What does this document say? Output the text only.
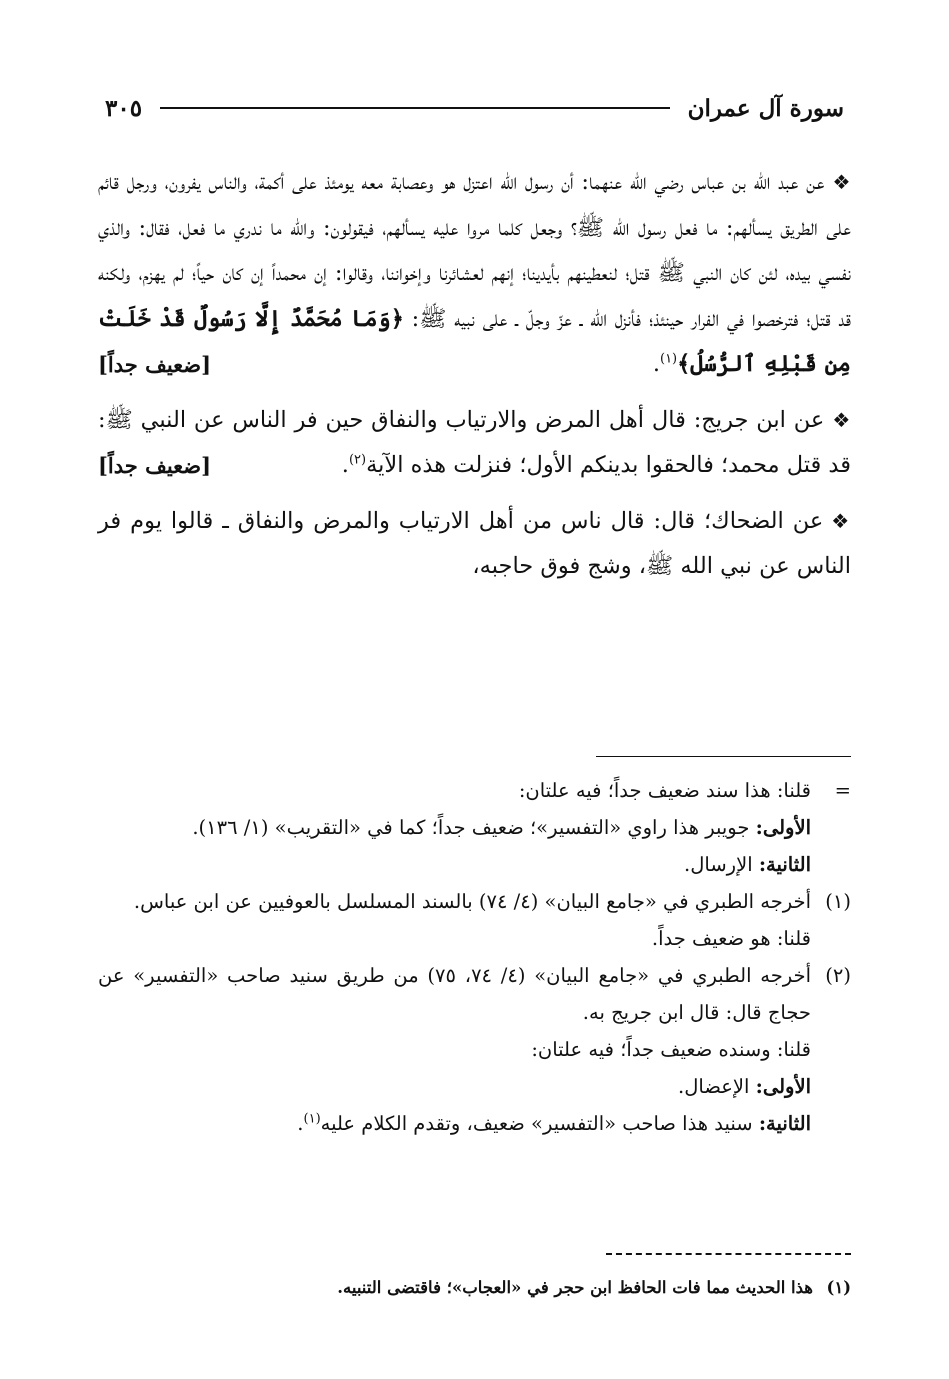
سورة آل عمران
٣٠٥

❖عن عبد الله بن عباس رضي الله عنهما: أن رسول الله اعتزل هو وعصابة معه يومئذ على أكمة، والناس يفرون، ورجل قائم على الطريق يسألهم: ما فعل رسول الله ﷺ؟ وجعل كلما مروا عليه يسألهم، فيقولون: والله ما ندري ما فعل، فقال: والذي نفسي بيده، لئن كان النبي ﷺ قتل؛ لنعطينهم بأيدينا؛ إنهم لعشائرنا وإخواننا، وقالوا: إن محمداً إن كان حياً؛ لم يهزم، ولكنه قد قتل؛ فترخصوا في الفرار حينئذ؛ فأنزل الله ـ عزّ وجلّ ـ على نبيه ﷺ: ﴿وَمَا مُحَمَّدٌ إِلَّا رَسُولٌ قَدْ خَلَتْ مِن قَبْلِهِ ٱلرُّسُلُ﴾$^{(١)}$.
[ضعيف جداً]

❖عن ابن جريج: قال أهل المرض والارتياب والنفاق حين فر الناس عن النبي ﷺ: قد قتل محمد؛ فالحقوا بدينكم الأول؛ فنزلت هذه الآية$^{(٢)}$.
[ضعيف جداً]

❖عن الضحاك؛ قال: قال ناس من أهل الارتياب والمرض والنفاق ـ قالوا يوم فر الناس عن نبي الله ﷺ، وشج فوق حاجبه،

=

قلنا: هذا سند ضعيف جداً؛ فيه علتان:

الأولى: جويبر هذا راوي «التفسير»؛ ضعيف جداً؛ كما في «التقريب» (١/ ١٣٦).

الثانية: الإرسال.

(١)

أخرجه الطبري في «جامع البيان» (٤/ ٧٤) بالسند المسلسل بالعوفيين عن ابن عباس.

قلنا: هو ضعيف جداً.

(٢)

أخرجه الطبري في «جامع البيان» (٤/ ٧٤، ٧٥) من طريق سنيد صاحب «التفسير» عن حجاج قال: قال ابن جريج به.

قلنا: وسنده ضعيف جداً؛ فيه علتان:

الأولى: الإعضال.

الثانية: سنيد هذا صاحب «التفسير» ضعيف، وتقدم الكلام عليه$^{(١)}$.

(١)
هذا الحديث مما فات الحافظ ابن حجر في «العجاب»؛ فاقتضى التنبيه.
